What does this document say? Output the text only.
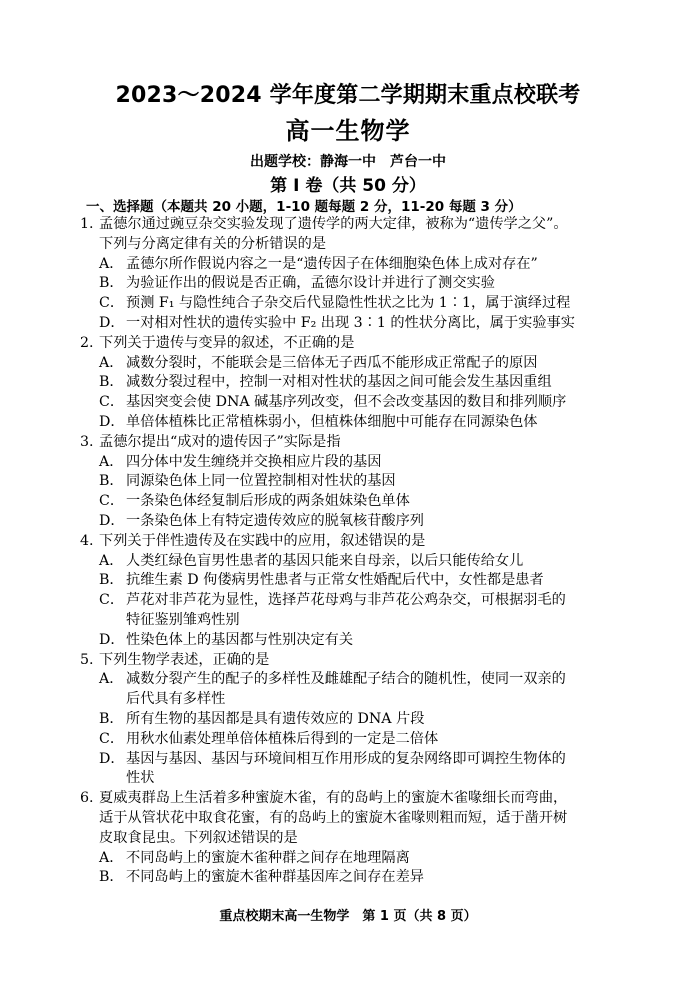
2023～2024 学年度第二学期期末重点校联考
高一生物学
出题学校：静海一中　芦台一中
第 Ⅰ 卷（共 50 分）
一、选择题（本题共 20 小题，1-10 题每题 2 分，11-20 每题 3 分）
1. 孟德尔通过豌豆杂交实验发现了遗传学的两大定律，被称为“遗传学之父”。
下列与分离定律有关的分析错误的是
A． 孟德尔所作假说内容之一是“遗传因子在体细胞染色体上成对存在”
B． 为验证作出的假说是否正确，孟德尔设计并进行了测交实验
C． 预测 F₁ 与隐性纯合子杂交后代显隐性性状之比为 1∶1，属于演绎过程
D．一对相对性状的遗传实验中 F₂ 出现 3∶1 的性状分离比，属于实验事实
2. 下列关于遗传与变异的叙述，不正确的是
A． 减数分裂时，不能联会是三倍体无子西瓜不能形成正常配子的原因
B． 减数分裂过程中，控制一对相对性状的基因之间可能会发生基因重组
C． 基因突变会使 DNA 碱基序列改变，但不会改变基因的数目和排列顺序
D．单倍体植株比正常植株弱小，但植株体细胞中可能存在同源染色体
3. 孟德尔提出“成对的遗传因子”实际是指
A． 四分体中发生缠绕并交换相应片段的基因
B． 同源染色体上同一位置控制相对性状的基因
C． 一条染色体经复制后形成的两条姐妹染色单体
D．一条染色体上有特定遗传效应的脱氧核苷酸序列
4. 下列关于伴性遗传及在实践中的应用，叙述错误的是
A． 人类红绿色盲男性患者的基因只能来自母亲，以后只能传给女儿
B． 抗维生素 D 佝偻病男性患者与正常女性婚配后代中，女性都是患者
C． 芦花对非芦花为显性，选择芦花母鸡与非芦花公鸡杂交，可根据羽毛的
特征鉴别雏鸡性别
D．性染色体上的基因都与性别决定有关
5. 下列生物学表述，正确的是
A． 减数分裂产生的配子的多样性及雌雄配子结合的随机性，使同一双亲的
后代具有多样性
B． 所有生物的基因都是具有遗传效应的 DNA 片段
C． 用秋水仙素处理单倍体植株后得到的一定是二倍体
D．基因与基因、基因与环境间相互作用形成的复杂网络即可调控生物体的
性状
6. 夏威夷群岛上生活着多种蜜旋木雀，有的岛屿上的蜜旋木雀喙细长而弯曲，
适于从管状花中取食花蜜，有的岛屿上的蜜旋木雀喙则粗而短，适于凿开树
皮取食昆虫。下列叙述错误的是
A． 不同岛屿上的蜜旋木雀种群之间存在地理隔离
B． 不同岛屿上的蜜旋木雀种群基因库之间存在差异
重点校期末高一生物学　第 1 页（共 8 页）
